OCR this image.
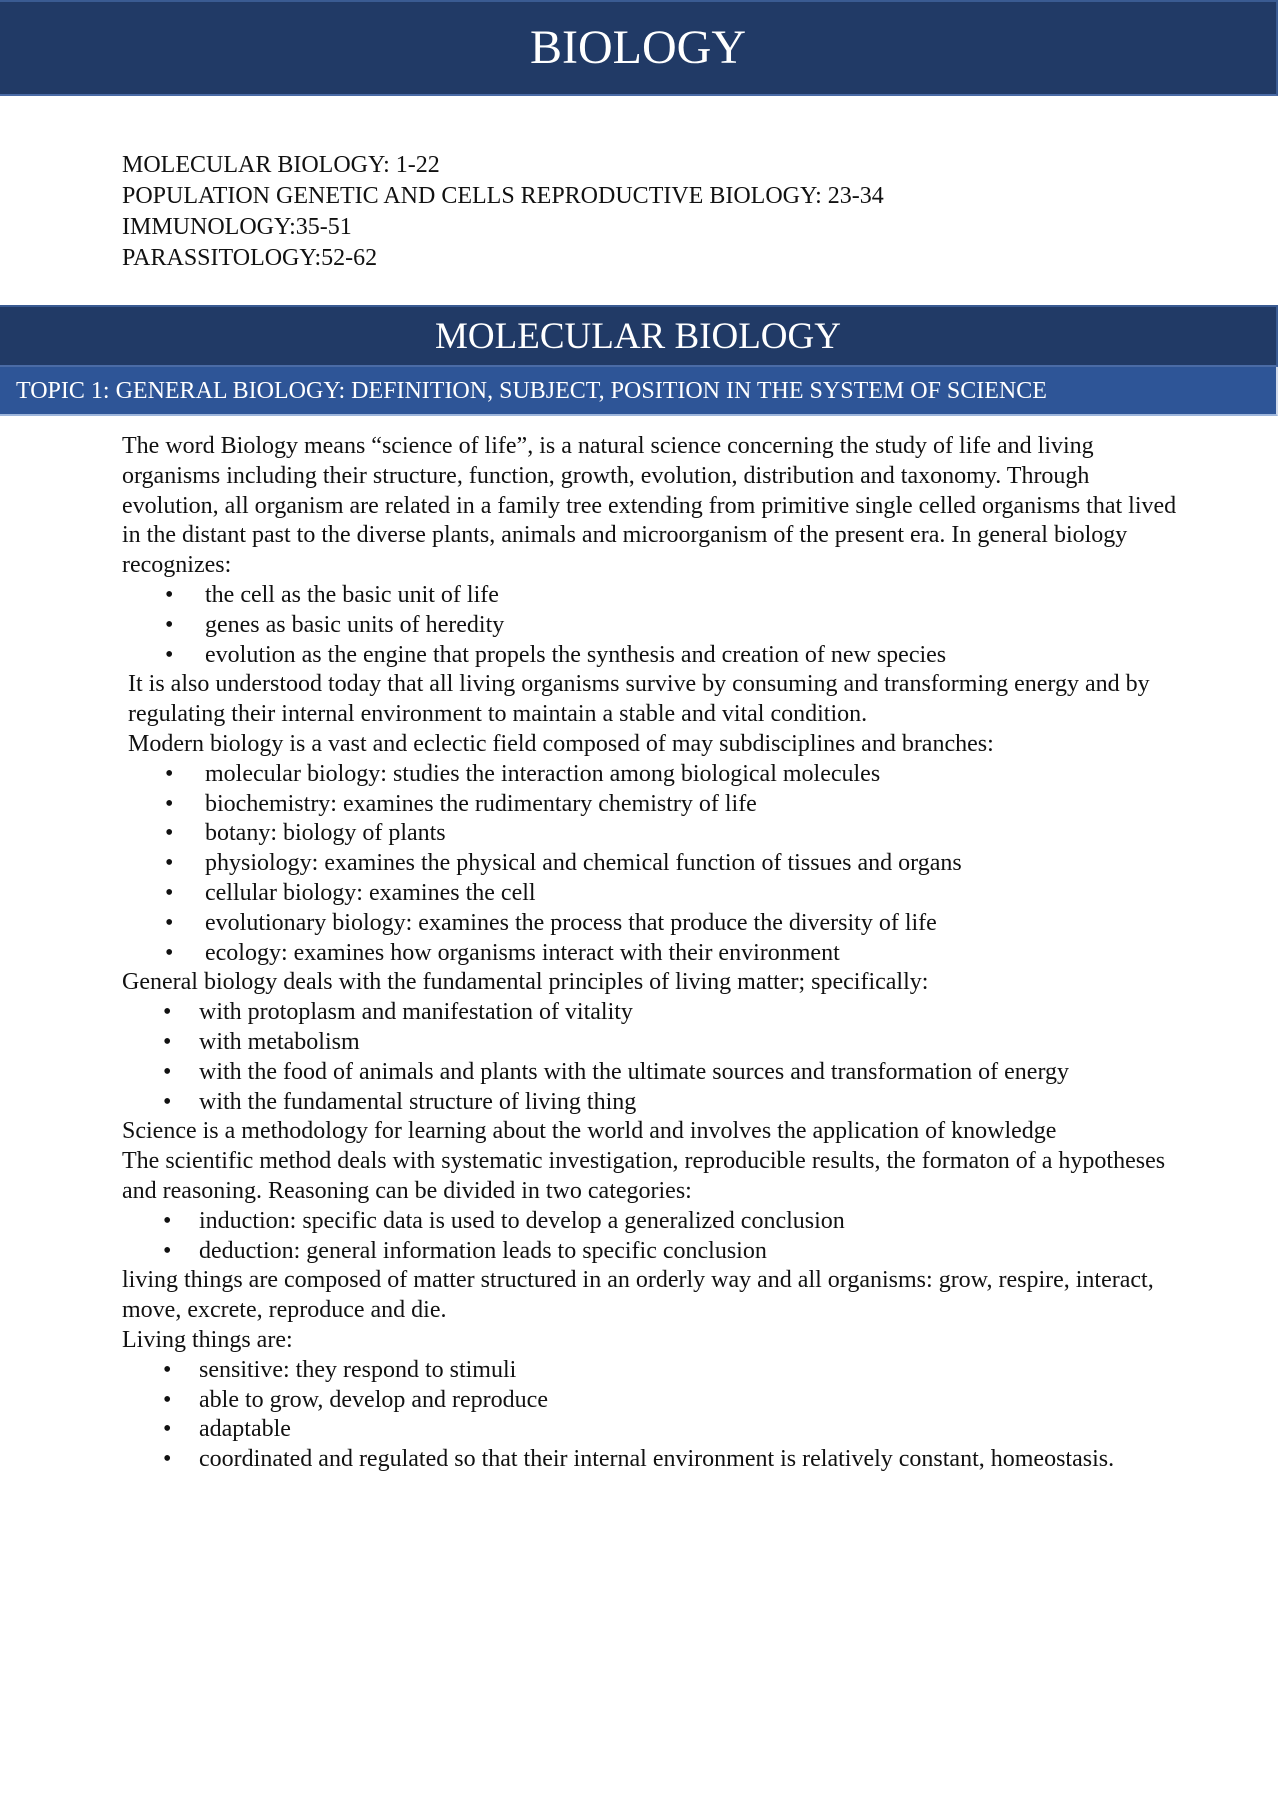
BIOLOGY
MOLECULAR BIOLOGY: 1-22
POPULATION GENETIC AND CELLS REPRODUCTIVE BIOLOGY: 23-34
IMMUNOLOGY:35-51
PARASSITOLOGY:52-62
MOLECULAR BIOLOGY
TOPIC 1: GENERAL BIOLOGY: DEFINITION, SUBJECT, POSITION IN THE SYSTEM OF SCIENCE

The word Biology means “science of life”, is a natural science concerning the study of life and living organisms including their structure, function, growth, evolution, distribution and taxonomy. Through evolution, all organism are related in a family tree extending from primitive single celled organisms that lived in the distant past to the diverse plants, animals and microorganism of the present era. In general biology recognizes:

• the cell as the basic unit of life
• genes as basic units of heredity
• evolution as the engine that propels the synthesis and creation of new species

It is also understood today that all living organisms survive by consuming and transforming energy and by regulating their internal environment to maintain a stable and vital condition.

Modern biology is a vast and eclectic field composed of may subdisciplines and branches:

• molecular biology: studies the interaction among biological molecules
• biochemistry: examines the rudimentary chemistry of life
• botany: biology of plants
• physiology: examines the physical and chemical function of tissues and organs
• cellular biology: examines the cell
• evolutionary biology: examines the process that produce the diversity of life
• ecology: examines how organisms interact with their environment

General biology deals with the fundamental principles of living matter; specifically:

• with protoplasm and manifestation of vitality
• with metabolism
• with the food of animals and plants with the ultimate sources and transformation of energy
• with the fundamental structure of living thing

Science is a methodology for learning about the world and involves the application of knowledge

The scientific method deals with systematic investigation, reproducible results, the formaton of a hypotheses and reasoning. Reasoning can be divided in two categories:

• induction: specific data is used to develop a generalized conclusion
• deduction: general information leads to specific conclusion

living things are composed of matter structured in an orderly way and all organisms: grow, respire, interact, move, excrete, reproduce and die.

Living things are:

• sensitive: they respond to stimuli
• able to grow, develop and reproduce
• adaptable
• coordinated and regulated so that their internal environment is relatively constant, homeostasis.
